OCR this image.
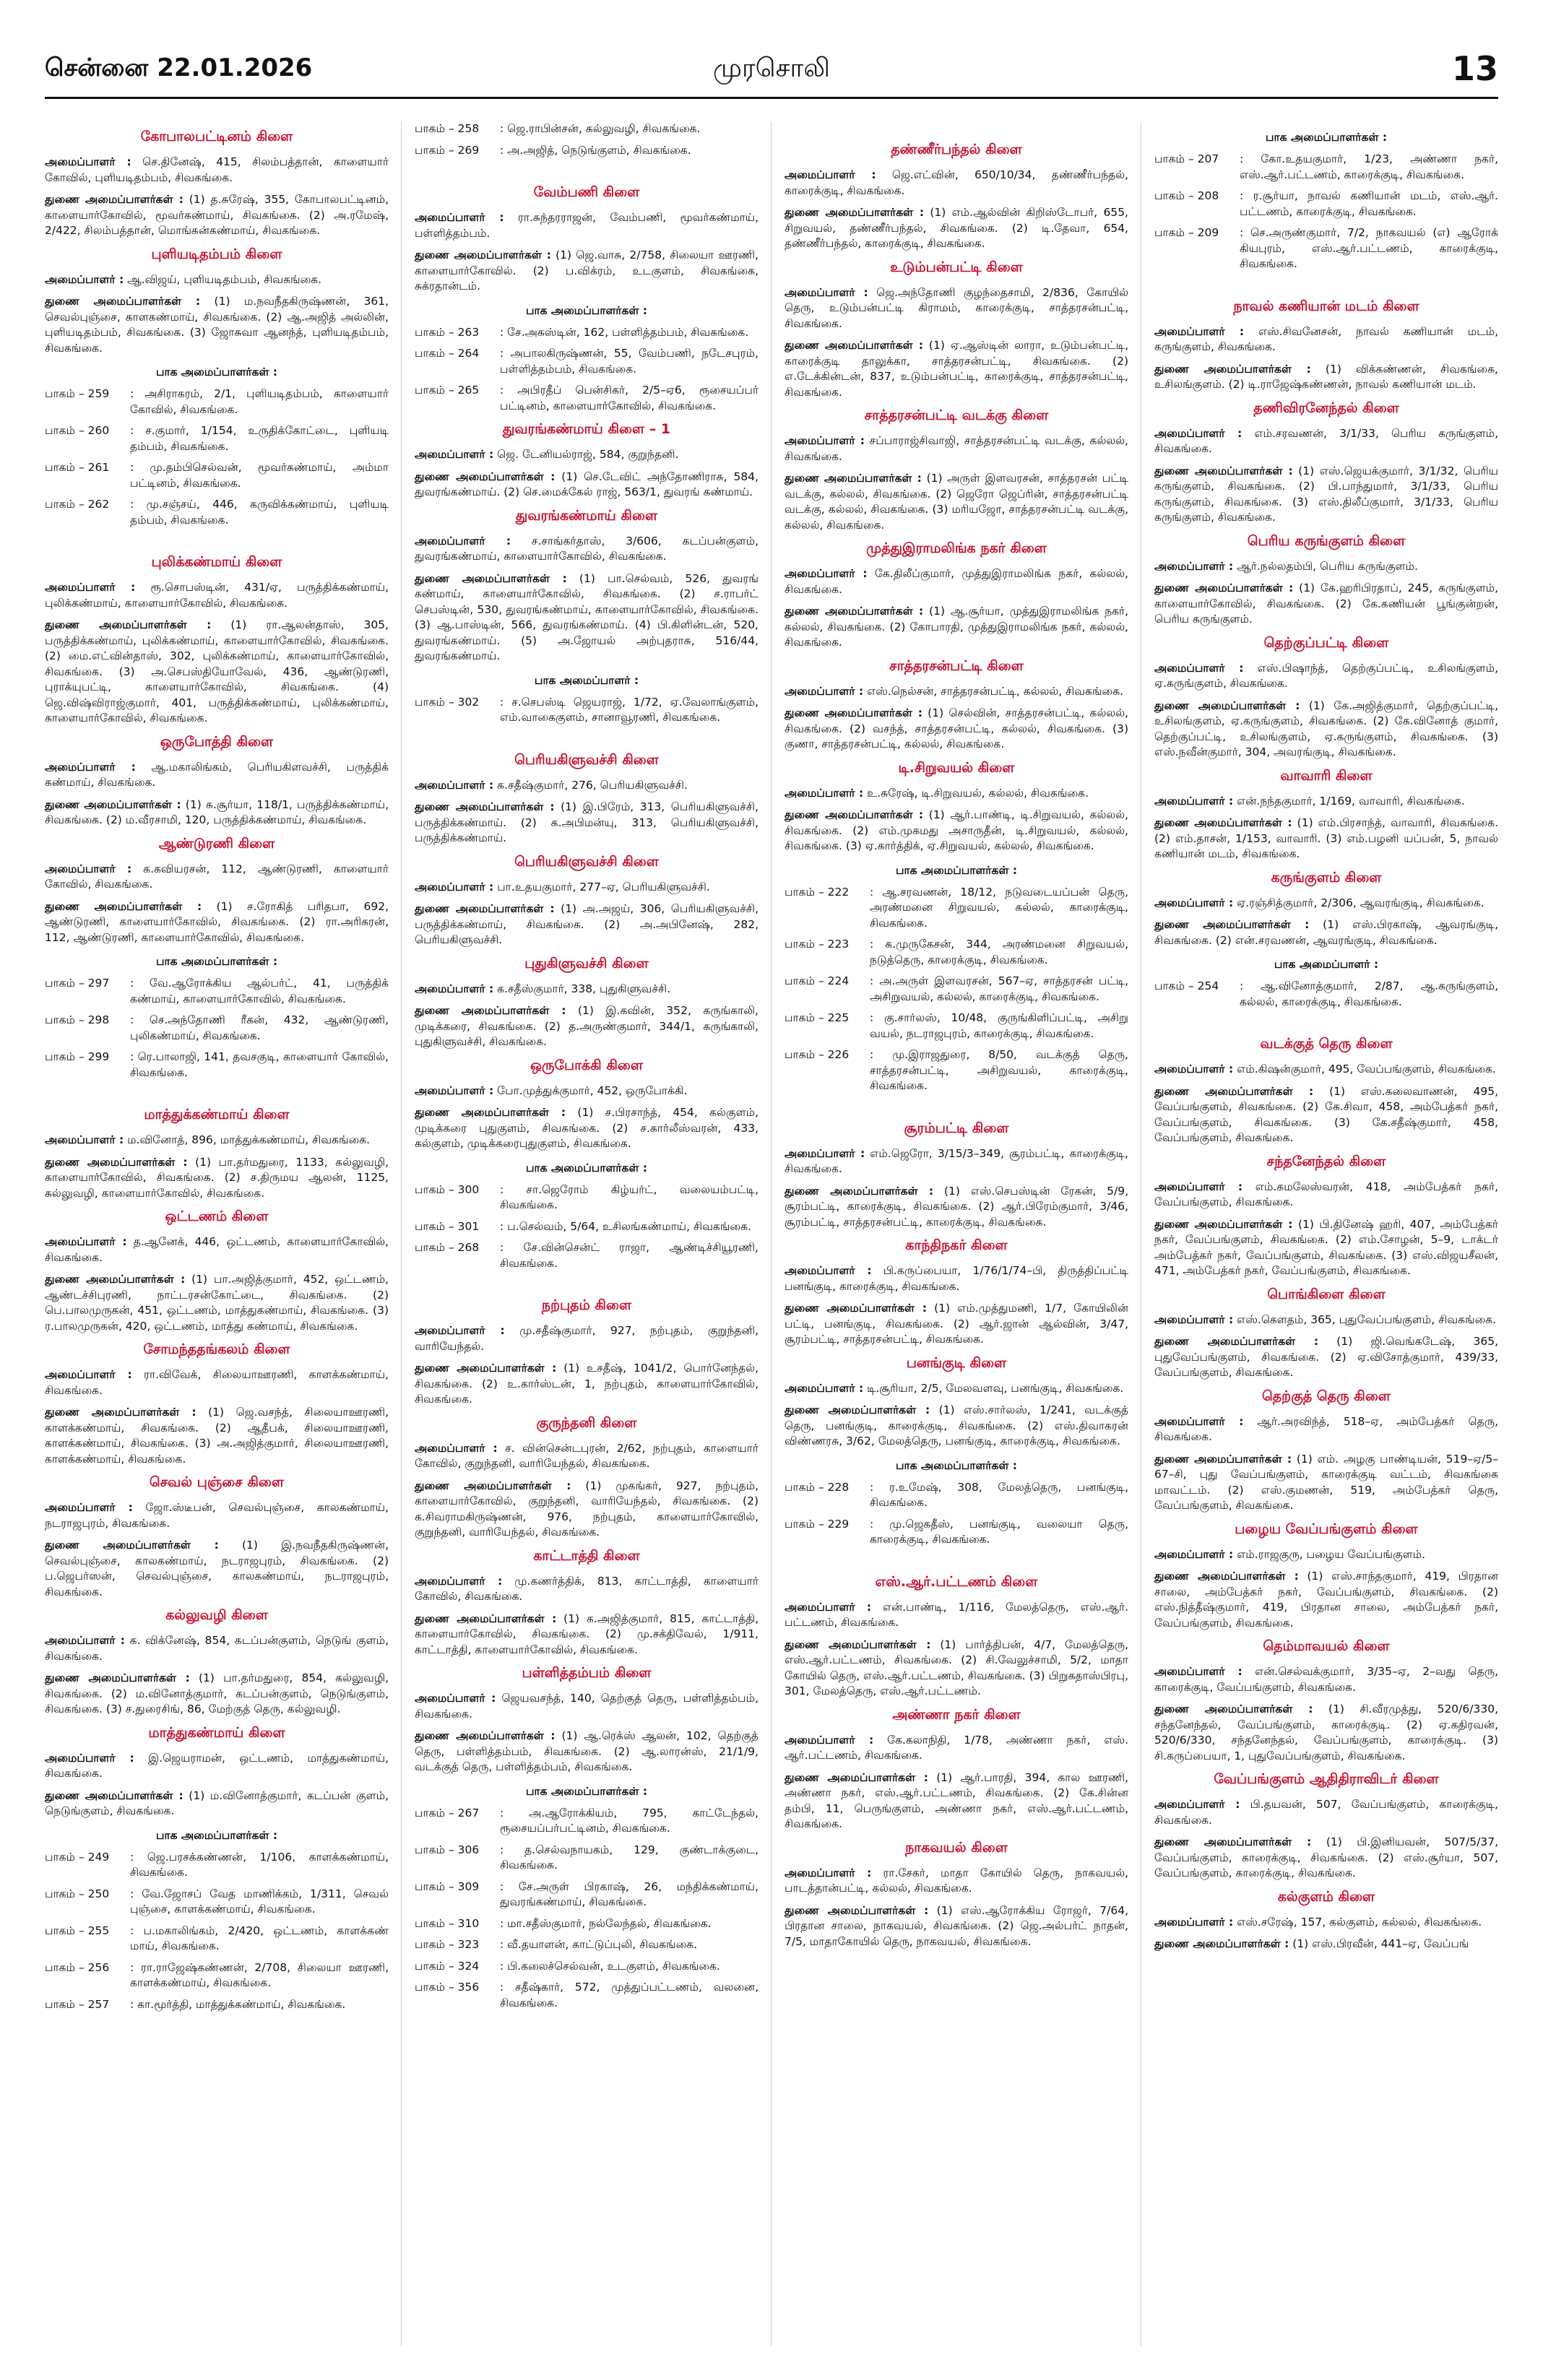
சென்னை 22.01.2026	முரசொலி	13
கோபாலபட்டினம் கிளை
அமைப்பாளர் : செ.தினேஷ், 415, சிலம்பத்தான், காளையார் கோவில், புளியடிதம்பம், சிவகங்கை.
துணை அமைப்பாளர்கள் : (1) த.சுரேஷ், 355, கோபாலபட்டினம், காளையார்கோவில், மூவர்கண்மாய், சிவகங்கை. (2) அ.ரமேஷ், 2/422, சிலம்பத்தான், மொங்கன்கண்மாய், சிவகங்கை.
புளியடிதம்பம் கிளை
அமைப்பாளர் : ஆ.விஜய், புளியடிதம்பம், சிவகங்கை.
துணை அமைப்பாளர்கள் : (1) ம.நவநீதகிருஷ்ணன், 361, செவல்புஞ்சை, காளகண்மாய், சிவகங்கை. (2) ஆ.அஜித் அல்லின், புளியடிதம்பம், சிவகங்கை. (3) ஜோசுவா ஆனந்த், புளியடிதம்பம், சிவகங்கை.
பாக அமைப்பாளர்கள் :
பாகம் – 259	: அசிராகரம், 2/1, புளியடிதம்பம், காளையார் கோவில், சிவகங்கை.
பாகம் – 260	: ச.குமார், 1/154, உருதிக்கோட்டை, புளியடி தம்பம், சிவகங்கை.
பாகம் – 261	: மு.தம்பிசெல்வன், மூவர்கண்மாய், அம்மா பட்டினம், சிவகங்கை.
பாகம் – 262	: மு.சஞ்சய், 446, கருவிக்கண்மாய், புளியடி தம்பம், சிவகங்கை.
புலிக்கண்மாய் கிளை
அமைப்பாளர் : ரூ.சொபஸ்டின், 431/ஏ, பருத்திக்கண்மாய், புலிக்கண்மாய், காளையார்கோவில், சிவகங்கை.
துணை அமைப்பாளர்கள் : (1) ரா.ஆலன்தாஸ், 305, பருத்திக்கண்மாய், புலிக்கண்மாய், காளையார்கோவில், சிவகங்கை. (2) மை.எட்வின்தாஸ், 302, புலிக்கண்மாய், காளையார்கோவில், சிவகங்கை. (3) அ.செபஸ்தியோவேல், 436, ஆண்டுரணி, புராக்யுபட்டி, காளையார்கோவில், சிவகங்கை. (4) ஜெ.விஷ்விராஜ்குமார், 401, பருத்திக்கண்மாய், புலிக்கண்மாய், காளையார்கோவில், சிவகங்கை.
ஒருபோத்தி கிளை
அமைப்பாளர் : ஆ.மகாலிங்கம், பெரியகிளவச்சி, பருத்திக் கண்மாய், சிவகங்கை.
துணை அமைப்பாளர்கள் : (1) சு.சூர்யா, 118/1, பருத்திக்கண்மாய், சிவகங்கை. (2) ம.வீரசாமி, 120, பருத்திக்கண்மாய், சிவகங்கை.
ஆண்டுரணி கிளை
அமைப்பாளர் : க.கவியரசன், 112, ஆண்டுரணி, காளையார் கோவில், சிவகங்கை.
துணை அமைப்பாளர்கள் : (1) ச.ரோகித் பரிதபா, 692, ஆண்டுரணி, காளையார்கோவில், சிவகங்கை. (2) ரா.அரிகரன், 112, ஆண்டுரணி, காளையார்கோவில், சிவகங்கை.
பாக அமைப்பாளர்கள் :
பாகம் – 297	: வே.ஆரோக்கிய ஆல்பர்ட், 41, பருத்திக் கண்மாய், காளையார்கோவில், சிவகங்கை.
பாகம் – 298	: செ.அந்தோணி ரீகன், 432, ஆண்டுரணி, புலிகண்மாய், சிவகங்கை.
பாகம் – 299	: ரெ.பாலாஜி, 141, தவசகுடி, காளையார் கோவில், சிவகங்கை.
மாத்துக்கண்மாய் கிளை
அமைப்பாளர் : ம.வினோத், 896, மாத்துக்கண்மாய், சிவகங்கை.
துணை அமைப்பாளர்கள் : (1) பா.தர்மதுரை, 1133, கல்லுவழி, காளையார்கோவில், சிவகங்கை. (2) ச.திருமய ஆலன், 1125, கல்லுவழி, காளையார்கோவில், சிவகங்கை.
ஒட்டணம் கிளை
அமைப்பாளர் : த.ஆனேக், 446, ஒட்டணம், காளையார்கோவில், சிவகங்கை.
துணை அமைப்பாளர்கள் : (1) பா.அஜித்குமார், 452, ஒட்டணம், ஆண்டச்சிபுரணி, நாட்டரசன்கோட்டை, சிவகங்கை. (2) பெ.பாலமுருகன், 451, ஒட்டணம், மாத்துகண்மாய், சிவகங்கை. (3) ர.பாலமுருகன், 420, ஒட்டணம், மாத்து கண்மாய், சிவகங்கை.
சோமந்ததங்கலம் கிளை
அமைப்பாளர் : ரா.விவேக், சிலையாஊரணி, காளக்கண்மாய், சிவகங்கை.
துணை அமைப்பாளர்கள் : (1) ஜெ.வசந்த், சிலையாஊரணி, காளக்கண்மாய், சிவகங்கை. (2) ஆதீபக், சிலையாஊரணி, காளக்கண்மாய், சிவகங்கை. (3) அ.அஜித்குமார், சிலையாஊரணி, காளக்கண்மாய், சிவகங்கை.
செவல் புஞ்சை கிளை
அமைப்பாளர் : ஜோ.ஸ்டீபன், செவல்புஞ்சை, காலகண்மாய், நடராஜபுரம், சிவகங்கை.
துணை அமைப்பாளர்கள் : (1) இ.நவநீதகிருஷ்ணன், செவல்புஞ்சை, காலகண்மாய், நடராஜபுரம், சிவகங்கை. (2) ப.ஜெபர்ஸன், செவல்புஞ்சை, காலகண்மாய், நடராஜபுரம், சிவகங்கை.
கல்லுவழி கிளை
அமைப்பாளர் : க. விக்னேஷ், 854, கடப்பன்குளம், நெடுங் குளம், சிவகங்கை.
துணை அமைப்பாளர்கள் : (1) பா.தர்மதுரை, 854, கல்லுவழி, சிவகங்கை. (2) ம.வினோத்குமார், கடப்பன்குளம், நெடுங்குளம், சிவகங்கை. (3) ச.துரைசிங், 86, மேற்குத் தெரு, கல்லுவழி.
மாத்துகண்மாய் கிளை
அமைப்பாளர் : இ.ஜெயராமன், ஒட்டணம், மாத்துகண்மாய், சிவகங்கை.
துணை அமைப்பாளர்கள் : (1) ம.வினோத்குமார், கடப்பன் குளம், நெடுங்குளம், சிவகங்கை.
பாக அமைப்பாளர்கள் :
பாகம் – 249	: ஜெ.பரசக்கண்ணன், 1/106, காளக்கண்மாய், சிவகங்கை.
பாகம் – 250	: வே.ஜோசப் வேத மாணிக்கம், 1/311, செவல் புஞ்சை, காளக்கண்மாய், சிவகங்கை.
பாகம் – 255	: ப.மகாலிங்கம், 2/420, ஒட்டணம், காளக்கண் மாய், சிவகங்கை.
பாகம் – 256	: ரா.ராஜேஷ்கண்ணன், 2/708, சிலையா ஊரணி, காளக்கண்மாய், சிவகங்கை.
பாகம் – 257	: கா.மூர்த்தி, மாத்துக்கண்மாய், சிவகங்கை.
பாகம் – 258	: ஜெ.ராபின்சன், கல்லுவழி, சிவகங்கை.
பாகம் – 269	: அ.அஜித், நெடுங்குளம், சிவகங்கை.
வேம்பணி கிளை
அமைப்பாளர் : ரா.சுந்தரராஜன், வேம்பணி, மூவர்கண்மாய், பள்ளித்தம்பம்.
துணை அமைப்பாளர்கள் : (1) ஜெ.வாசு, 2/758, சிலையா ஊரணி, காளையார்கோவில். (2) ப.விக்ரம், உடகுளம், சிவகங்கை, சுக்ரதான்டம்.
பாக அமைப்பாளர்கள் :
பாகம் – 263	: சே.அகஸ்டின், 162, பள்ளித்தம்பம், சிவகங்கை.
பாகம் – 264	: அபாலகிருஷ்ணன், 55, வேம்பணி, நடேசபுரம், பள்ளித்தம்பம், சிவகங்கை.
பாகம் – 265	: அபிரதீப் பென்சிகர், 2/5–ஏ6, ரூசையப்பர் பட்டினம், காளையார்கோவில், சிவகங்கை.
துவரங்கண்மாய் கிளை – 1
அமைப்பாளர் : ஜெ. டேனியல்ராஜ், 584, குறுந்தனி.
துணை அமைப்பாளர்கள் : (1) செ.டேவிட் அந்தோணிராசு, 584, துவரங்கண்மாய். (2) செ.மைக்கேல் ராஜ், 563/1, துவரங் கண்மாய்.
துவரங்கண்மாய் கிளை
அமைப்பாளர் : ச.சாங்கர்தாஸ், 3/606, கடப்பன்குளம், துவரங்கண்மாய், காளையார்கோவில், சிவகங்கை.
துணை அமைப்பாளர்கள் : (1) பா.செல்வம், 526, துவரங் கண்மாய், காளையார்கோவில், சிவகங்கை. (2) ச.ராபர்ட் செபஸ்டின், 530, துவரங்கண்மாய், காளையார்கோவில், சிவகங்கை. (3) ஆ.பாஸ்டின், 566, துவரங்கண்மாய். (4) பி.கிளின்டன், 520, துவரங்கண்மாய். (5) அ.ஜோயல் அற்புதராசு, 516/44, துவரங்கண்மாய்.
பாக அமைப்பாளர் :
பாகம் – 302	: ச.செபஸ்டி ஜெயராஜ், 1/72, ஏ.வேலாங்குளம், எம்.வாகைகுளம், சானாவூரணி, சிவகங்கை.
பெரியகிளுவச்சி கிளை
அமைப்பாளர் : க.சதீஷ்குமார், 276, பெரியகிளுவச்சி.
துணை அமைப்பாளர்கள் : (1) இ.பிரேம், 313, பெரியகிளுவச்சி, பருத்திக்கண்மாய். (2) க.அபிமன்யு, 313, பெரியகிளுவச்சி, பருத்திக்கண்மாய்.
பெரியகிளுவச்சி கிளை
அமைப்பாளர் : பா.உதயகுமார், 277–ஏ, பெரியகிளுவச்சி.
துணை அமைப்பாளர்கள் : (1) அ.அஜய், 306, பெரியகிளுவச்சி, பருத்திக்கண்மாய், சிவகங்கை. (2) அ.அபினேஷ், 282, பெரியகிளுவச்சி.
புதுகிளுவச்சி கிளை
அமைப்பாளர் : க.சதீஸ்குமார், 338, புதுகிளுவச்சி.
துணை அமைப்பாளர்கள் : (1) இ.கவின், 352, கருங்காலி, முடிக்கரை, சிவகங்கை. (2) த.அருண்குமார், 344/1, கருங்காலி, புதுகிளுவச்சி, சிவகங்கை.
ஒருபோக்கி கிளை
அமைப்பாளர் : போ.முத்துக்குமார், 452, ஒருபோக்கி.
துணை அமைப்பாளர்கள் : (1) ச.பிரசாந்த், 454, கல்குளம், முடிக்கரை புதுகுளம், சிவகங்கை. (2) ச.கார்லீஸ்வரன், 433, கல்குளம், முடிக்கரைபுதுகுளம், சிவகங்கை.
பாக அமைப்பாளர்கள் :
பாகம் – 300	: சா.ஜெரோம் கிழ்யர்ட், வலையம்பட்டி, சிவகங்கை.
பாகம் – 301	: ப.செல்வம், 5/64, உசிலங்கண்மாய், சிவகங்கை.
பாகம் – 268	: சே.வின்சென்ட் ராஜா, ஆண்டிச்சியூரணி, சிவகங்கை.
நற்புதம் கிளை
அமைப்பாளர் : மு.சதீஷ்குமார், 927, நற்புதம், குறுந்தனி, வாரியேந்தல்.
துணை அமைப்பாளர்கள் : (1) உசதீஷ், 1041/2, பொர்னேந்தல், சிவகங்கை. (2) உ.கார்ஸ்டன், 1, நற்புதம், காளையார்கோவில், சிவகங்கை.
குருந்தனி கிளை
அமைப்பாளர் : ச. வின்சென்டபுரன், 2/62, நற்புதம், காளையார் கோவில், குறுந்தனி, வாரியேந்தல், சிவகங்கை.
துணை அமைப்பாளர்கள் : (1) முகங்கர், 927, நற்புதம், காளையார்கோவில், குறுந்தனி, வாரியேந்தல், சிவகங்கை. (2) க.சிவராமகிருஷ்ணன், 976, நற்புதம், காளையார்கோவில், குறுந்தனி, வாரியேந்தல், சிவகங்கை.
காட்டாத்தி கிளை
அமைப்பாளர் : மு.கணர்த்திக், 813, காட்டாத்தி, காளையார் கோவில், சிவகங்கை.
துணை அமைப்பாளர்கள் : (1) க.அஜித்குமார், 815, காட்டாத்தி, காளையார்கோவில், சிவகங்கை. (2) மு.சக்திவேல், 1/911, காட்டாத்தி, காளையார்கோவில், சிவகங்கை.
பள்ளித்தம்பம் கிளை
அமைப்பாளர் : ஜெயவசந்த், 140, தெற்குத் தெரு, பள்ளித்தம்பம், சிவகங்கை.
துணை அமைப்பாளர்கள் : (1) ஆ.ரெக்ஸ் ஆலன், 102, தெற்குத் தெரு, பள்ளித்தம்பம், சிவகங்கை. (2) ஆ.லாரன்ஸ், 21/1/9, வடக்குத் தெரு, பள்ளித்தம்பம், சிவகங்கை.
பாக அமைப்பாளர்கள் :
பாகம் – 267	: அ.ஆரோக்கியம், 795, காட்டேந்தல், ரூசையப்பர்பட்டினம், சிவகங்கை.
பாகம் – 306	: த.செல்வநாயகம், 129, குண்டாக்குடை, சிவகங்கை.
பாகம் – 309	: சே.அருள் பிரகாஷ், 26, மந்திக்கண்மாய், துவரங்கண்மாய், சிவகங்கை.
பாகம் – 310	: மா.சதீஸ்குமார், நல்லேந்தல், சிவகங்கை.
பாகம் – 323	: வீ.தயாளன், காட்டுப்புலி, சிவகங்கை.
பாகம் – 324	: பி.கலைச்செல்வன், உடகுளம், சிவகங்கை.
பாகம் – 356	: சதீஷ்கார், 572, முத்துப்பட்டணம், வலனை, சிவகங்கை.
தண்ணீர்பந்தல் கிளை
அமைப்பாளர் : ஜெ.எட்வின், 650/10/34, தண்ணீர்பந்தல், காரைக்குடி, சிவகங்கை.
துணை அமைப்பாளர்கள் : (1) எம்.ஆல்வின் கிறிஸ்டோபர், 655, சிறுவயல், தண்ணீர்பந்தல், சிவகங்கை. (2) டி.தேவா, 654, தண்ணீர்பந்தல், காரைக்குடி, சிவகங்கை.
உடும்பன்பட்டி கிளை
அமைப்பாளர் : ஜெ.அந்தோணி குழந்தைசாமி, 2/836, கோயில் தெரு, உடும்பன்பட்டி கிராமம், காரைக்குடி, சாத்தரசன்பட்டி, சிவகங்கை.
துணை அமைப்பாளர்கள் : (1) ஏ.ஆஸ்டின் லாரா, உடும்பன்பட்டி, காரைக்குடி தாலுக்கா, சாத்தரசன்பட்டி, சிவகங்கை. (2) எ.டேக்கின்டன், 837, உடும்பன்பட்டி, காரைக்குடி, சாத்தரசன்பட்டி, சிவகங்கை.
சாத்தரசன்பட்டி வடக்கு கிளை
அமைப்பாளர் : சப்பாராஜ்சிவாஜி, சாத்தரசன்பட்டி வடக்கு, கல்லல், சிவகங்கை.
துணை அமைப்பாளர்கள் : (1) அருள் இளவரசன், சாத்தரசன் பட்டி வடக்கு, கல்லல், சிவகங்கை. (2) ஜெரோ ஜெப்ரின், சாத்தரசன்பட்டி வடக்கு, கல்லல், சிவகங்கை. (3) மரியஜோ, சாத்தரசன்பட்டி வடக்கு, கல்லல், சிவகங்கை.
முத்துஇராமலிங்க நகர் கிளை
அமைப்பாளர் : கே.திலீப்குமார், முத்துஇராமலிங்க நகர், கல்லல், சிவகங்கை.
துணை அமைப்பாளர்கள் : (1) ஆ.சூர்யா, முத்துஇராமலிங்க நகர், கல்லல், சிவகங்கை. (2) கோபாரதி, முத்துஇராமலிங்க நகர், கல்லல், சிவகங்கை.
சாத்தரசன்பட்டி கிளை
அமைப்பாளர் : எஸ்.நெல்சன், சாத்தரசன்பட்டி, கல்லல், சிவகங்கை.
துணை அமைப்பாளர்கள் : (1) செல்வின், சாத்தரசன்பட்டி, கல்லல், சிவகங்கை. (2) வசந்த், சாத்தரசன்பட்டி, கல்லல், சிவகங்கை. (3) குணா, சாத்தரசன்பட்டி, கல்லல், சிவகங்கை.
டி.சிறுவயல் கிளை
அமைப்பாளர் : உ.சுரேஷ், டி.சிறுவயல், கல்லல், சிவகங்கை.
துணை அமைப்பாளர்கள் : (1) ஆர்.பாண்டி, டி.சிறுவயல், கல்லல், சிவகங்கை. (2) எம்.முகமது அசாருதீன், டி.சிறுவயல், கல்லல், சிவகங்கை. (3) ஏ.கார்த்திக், ஏ.சிறுவயல், கல்லல், சிவகங்கை.
பாக அமைப்பாளர்கள் :
பாகம் – 222	: ஆ.சரவணன், 18/12, நடுவடையப்பன் தெரு, அரண்மனை சிறுவயல், கல்லல், காரைக்குடி, சிவகங்கை.
பாகம் – 223	: க.முருகேசன், 344, அரண்மனை சிறுவயல், நடுத்தெரு, காரைக்குடி, சிவகங்கை.
பாகம் – 224	: அ.அருள் இளவரசன், 567–ஏ, சாத்தரசன் பட்டி, அசிறுவயல், கல்லல், காரைக்குடி, சிவகங்கை.
பாகம் – 225	: கு.சார்லஸ், 10/48, குருங்கிளிப்பட்டி, அசிறு வயல், நடராஜபுரம், காரைக்குடி, சிவகங்கை.
பாகம் – 226	: மு.இராஜதுரை, 8/50, வடக்குத் தெரு, சாத்தரசன்பட்டி, அசிறுவயல், காரைக்குடி, சிவகங்கை.
சூரம்பட்டி கிளை
அமைப்பாளர் : எம்.ஜெரோ, 3/15/3–349, சூரம்பட்டி, காரைக்குடி, சிவகங்கை.
துணை அமைப்பாளர்கள் : (1) எஸ்.செபஸ்டின் ரேகன், 5/9, சூரம்பட்டி, காரைக்குடி, சிவகங்கை. (2) ஆர்.பிரேம்குமார், 3/46, சூரம்பட்டி, சாத்தரசன்பட்டி, காரைக்குடி, சிவகங்கை.
காந்திநகர் கிளை
அமைப்பாளர் : பி.கருப்பையா, 1/76/1/74–பி, திருத்திப்பட்டி பனங்குடி, காரைக்குடி, சிவகங்கை.
துணை அமைப்பாளர்கள் : (1) எம்.முத்துமணி, 1/7, கோயிலின் பட்டி, பனங்குடி, சிவகங்கை. (2) ஆர்.ஜான் ஆல்வின், 3/47, சூரம்பட்டி, சாத்தரசன்பட்டி, சிவகங்கை.
பனங்குடி கிளை
அமைப்பாளர் : டி.சூரியா, 2/5, மேலவளவு, பனங்குடி, சிவகங்கை.
துணை அமைப்பாளர்கள் : (1) எஸ்.சார்லஸ், 1/241, வடக்குத் தெரு, பனங்குடி, காரைக்குடி, சிவகங்கை. (2) எஸ்.திவாகரன் விண்ணரசு, 3/62, மேலத்தெரு, பனங்குடி, காரைக்குடி, சிவகங்கை.
பாக அமைப்பாளர்கள் :
பாகம் – 228	: ர.உமேஷ், 308, மேலத்தெரு, பனங்குடி, சிவகங்கை.
பாகம் – 229	: மு.ஜெகதீஸ், பனங்குடி, வலையா தெரு, காரைக்குடி, சிவகங்கை.
எஸ்.ஆர்.பட்டணம் கிளை
அமைப்பாளர் : என்.பாண்டி, 1/116, மேலத்தெரு, எஸ்.ஆர். பட்டணம், சிவகங்கை.
துணை அமைப்பாளர்கள் : (1) பார்த்திபன், 4/7, மேலத்தெரு, எஸ்.ஆர்.பட்டணம், சிவகங்கை. (2) சி.வேலுச்சாமி, 5/2, மாதா கோயில் தெரு, எஸ்.ஆர்.பட்டணம், சிவகங்கை. (3) பிறுகதாஸ்பிரபு, 301, மேலத்தெரு, எஸ்.ஆர்.பட்டணம்.
அண்ணா நகர் கிளை
அமைப்பாளர் : கே.கலாநிதி, 1/78, அண்ணா நகர், எஸ். ஆர்.பட்டணம், சிவகங்கை.
துணை அமைப்பாளர்கள் : (1) ஆர்.பாரதி, 394, கால ஊரணி, அண்ணா நகர், எஸ்.ஆர்.பட்டணம், சிவகங்கை. (2) கே.சின்ன தம்பி, 11, பெருங்குளம், அண்ணா நகர், எஸ்.ஆர்.பட்டணம், சிவகங்கை.
நாகவயல் கிளை
அமைப்பாளர் : ரா.சேகர், மாதா கோயில் தெரு, நாகவயல், பாடத்தான்பட்டி, கல்லல், சிவகங்கை.
துணை அமைப்பாளர்கள் : (1) எஸ்.ஆரோக்கிய ரோஜர், 7/64, பிரதான சாலை, நாகவயல், சிவகங்கை. (2) ஜெ.அல்பர்ட் நாதன், 7/5, மாதாகோயில் தெரு, நாகவயல், சிவகங்கை.
பாக அமைப்பாளர்கள் :
பாகம் – 207	: கோ.உதயகுமார், 1/23, அண்ணா நகர், எஸ்.ஆர்.பட்டணம், காரைக்குடி, சிவகங்கை.
பாகம் – 208	: ர.சூர்யா, நாவல் கணியான் மடம், எஸ்.ஆர். பட்டணம், காரைக்குடி, சிவகங்கை.
பாகம் – 209	: செ.அருண்குமார், 7/2, நாகவயல் (எ) ஆரோக் கியபுரம், எஸ்.ஆர்.பட்டணம், காரைக்குடி, சிவகங்கை.
நாவல் கணியான் மடம் கிளை
அமைப்பாளர் : எஸ்.சிவனேசன், நாவல் கணியான் மடம், கருங்குளம், சிவகங்கை.
துணை அமைப்பாளர்கள் : (1) விக்கண்ணன், சிவகங்கை, உசிலங்குளம். (2) டி.ராஜேஷ்கண்ணன், நாவல் கணியான் மடம்.
தணிவிரனேந்தல் கிளை
அமைப்பாளர் : எம்.சரவணன், 3/1/33, பெரிய கருங்குளம், சிவகங்கை.
துணை அமைப்பாளர்கள் : (1) எஸ்.ஜெயக்குமார், 3/1/32, பெரிய கருங்குளம், சிவகங்கை. (2) பி.பாந்துமார், 3/1/33, பெரிய கருங்குளம், சிவகங்கை. (3) எஸ்.திலீப்குமார், 3/1/33, பெரிய கருங்குளம், சிவகங்கை.
பெரிய கருங்குளம் கிளை
அமைப்பாளர் : ஆர்.நல்லதம்பி, பெரிய கருங்குளம்.
துணை அமைப்பாளர்கள் : (1) கே.ஹரிபிரதாப், 245, கருங்குளம், காளையார்கோவில், சிவகங்கை. (2) கே.கணியன் பூங்குன்றன், பெரிய கருங்குளம்.
தெற்குப்பட்டி கிளை
அமைப்பாளர் : எஸ்.பிஷாந்த், தெற்குப்பட்டி, உசிலங்குளம், ஏ.கருங்குளம், சிவகங்கை.
துணை அமைப்பாளர்கள் : (1) கே.அஜித்குமார், தெற்குப்பட்டி, உசிலங்குளம், ஏ.கருங்குளம், சிவகங்கை. (2) கே.வினோத் குமார், தெற்குப்பட்டி, உசிலங்குளம், ஏ.கருங்குளம், சிவகங்கை. (3) எஸ்.நவீன்குமார், 304, அவரங்குடி, சிவகங்கை.
வாவாரி கிளை
அமைப்பாளர் : என்.நந்தகுமார், 1/169, வாவாரி, சிவகங்கை.
துணை அமைப்பாளர்கள் : (1) எம்.பிரசாந்த், வாவாரி, சிவகங்கை. (2) எம்.தாசன், 1/153, வாவாரி. (3) எம்.பழனி யப்பன், 5, நாவல் கணியான் மடம், சிவகங்கை.
கருங்குளம் கிளை
அமைப்பாளர் : ஏ.ரஞ்சித்குமார், 2/306, ஆவரங்குடி, சிவகங்கை.
துணை அமைப்பாளர்கள் : (1) எஸ்.பிரகாஷ், ஆவரங்குடி, சிவகங்கை. (2) என்.சரவணன், ஆவரங்குடி, சிவகங்கை.
பாக அமைப்பாளர் :
பாகம் – 254	: ஆ.வினோத்குமார், 2/87, ஆ.கருங்குளம், கல்லல், காரைக்குடி, சிவகங்கை.
வடக்குத் தெரு கிளை
அமைப்பாளர் : எம்.கிஷன்குமார், 495, வேப்பங்குளம், சிவகங்கை.
துணை அமைப்பாளர்கள் : (1) எஸ்.கலைவாணன், 495, வேப்பங்குளம், சிவகங்கை. (2) கே.சிவா, 458, அம்பேத்கர் நகர், வேப்பங்குளம், சிவகங்கை. (3) கே.சதீஷ்குமார், 458, வேப்பங்குளம், சிவகங்கை.
சந்தனேந்தல் கிளை
அமைப்பாளர் : எம்.கமலேஸ்வரன், 418, அம்பேத்கர் நகர், வேப்பங்குளம், சிவகங்கை.
துணை அமைப்பாளர்கள் : (1) பி.தினேஷ் ஹரி, 407, அம்பேத்கர் நகர், வேப்பங்குளம், சிவகங்கை. (2) எம்.சோழன், 5–9, டாக்டர் அம்பேத்கர் நகர், வேப்பங்குளம், சிவகங்கை. (3) எஸ்.விஜயசீலன், 471, அம்பேத்கர் நகர், வேப்பங்குளம், சிவகங்கை.
பொங்கிளை கிளை
அமைப்பாளர் : எஸ்.கௌதம், 365, புதுவேப்பங்குளம், சிவகங்கை.
துணை அமைப்பாளர்கள் : (1) ஜி.வெங்கடேஷ், 365, புதுவேப்பங்குளம், சிவகங்கை. (2) ஏ.விசோத்குமார், 439/33, வேப்பங்குளம், சிவகங்கை.
தெற்குத் தெரு கிளை
அமைப்பாளர் : ஆர்.அரவிந்த், 518–ஏ, அம்பேத்கர் தெரு, சிவகங்கை.
துணை அமைப்பாளர்கள் : (1) எம். அழகு பாண்டியன், 519–ஏ/5–67–சி, புது வேப்பங்குளம், காரைக்குடி வட்டம், சிவகங்கை மாவட்டம். (2) எஸ்.குமணன், 519, அம்பேத்கர் தெரு, வேப்பங்குளம், சிவகங்கை.
பழைய வேப்பங்குளம் கிளை
அமைப்பாளர் : எம்.ராஜகுரு, பழைய வேப்பங்குளம்.
துணை அமைப்பாளர்கள் : (1) எஸ்.சாந்தகுமார், 419, பிரதான சாலை, அம்பேத்கர் நகர், வேப்பங்குளம், சிவகங்கை. (2) எஸ்.நித்தீஷ்குமார், 419, பிரதான சாலை, அம்பேத்கர் நகர், வேப்பங்குளம், சிவகங்கை.
தெம்மாவயல் கிளை
அமைப்பாளர் : என்.செல்வக்குமார், 3/35–ஏ, 2–வது தெரு, காரைக்குடி, வேப்பங்குளம், சிவகங்கை.
துணை அமைப்பாளர்கள் : (1) சி.வீரமுத்து, 520/6/330, சந்தனேந்தல், வேப்பங்குளம், காரைக்குடி. (2) ஏ.கதிரவன், 520/6/330, சந்தனேந்தல், வேப்பங்குளம், காரைக்குடி. (3) சி.கருப்பையா, 1, புதுவேப்பங்குளம், சிவகங்கை.
வேப்பங்குளம் ஆதிதிராவிடர் கிளை
அமைப்பாளர் : பி.தயவன், 507, வேப்பங்குளம், காரைக்குடி, சிவகங்கை.
துணை அமைப்பாளர்கள் : (1) பி.இனியவன், 507/5/37, வேப்பங்குளம், காரைக்குடி, சிவகங்கை. (2) எஸ்.சூர்யா, 507, வேப்பங்குளம், காரைக்குடி, சிவகங்கை.
கல்குளம் கிளை
அமைப்பாளர் : எஸ்.சரேஷ், 157, கல்குளம், கல்லல், சிவகங்கை.
துணை அமைப்பாளர்கள் : (1) எஸ்.பிரவீன், 441–ஏ, வேப்பங்
